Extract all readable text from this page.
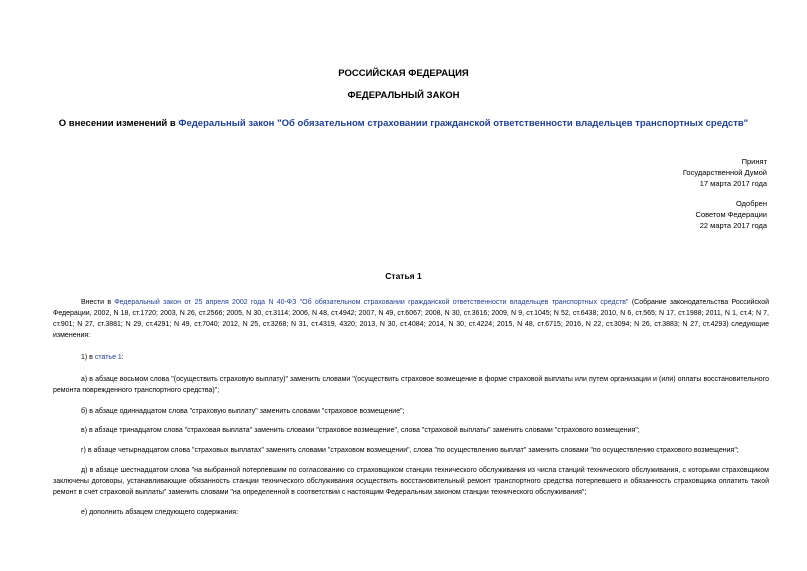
РОССИЙСКАЯ ФЕДЕРАЦИЯ
ФЕДЕРАЛЬНЫЙ ЗАКОН
О внесении изменений в Федеральный закон "Об обязательном страховании гражданской ответственности владельцев транспортных средств"
Принят
Государственной Думой
17 марта 2017 года
Одобрен
Советом Федерации
22 марта 2017 года
Статья 1
Внести в Федеральный закон от 25 апреля 2002 года N 40-ФЗ "Об обязательном страховании гражданской ответственности владельцев транспортных средств" (Собрание законодательства Российской Федерации, 2002, N 18, ст.1720; 2003, N 26, ст.2566; 2005, N 30, ст.3114; 2006, N 48, ст.4942; 2007, N 49, ст.6067; 2008, N 30, ст.3616; 2009, N 9, ст.1045; N 52, ст.6438; 2010, N 6, ст.565; N 17, ст.1988; 2011, N 1, ст.4; N 7, ст.901; N 27, ст.3881; N 29, ст.4291; N 49, ст.7040; 2012, N 25, ст.3268; N 31, ст.4319, 4320; 2013, N 30, ст.4084; 2014, N 30, ст.4224; 2015, N 48, ст.6715; 2016, N 22, ст.3094; N 26, ст.3883; N 27, ст.4293) следующие изменения:
1) в статье 1:
а) в абзаце восьмом слова "(осуществить страховую выплату)" заменить словами "(осуществить страховое возмещение в форме страховой выплаты или путем организации и (или) оплаты восстановительного ремонта поврежденного транспортного средства)";
б) в абзаце одиннадцатом слова "страховую выплату" заменить словами "страховое возмещение";
в) в абзаце тринадцатом слова "страховая выплата" заменить словами "страховое возмещение", слова "страховой выплаты" заменить словами "страхового возмещения";
г) в абзаце четырнадцатом слова "страховых выплатах" заменить словами "страховом возмещении", слова "по осуществлению выплат" заменить словами "по осуществлению страхового возмещения";
д) в абзаце шестнадцатом слова "на выбранной потерпевшим по согласованию со страховщиком станции технического обслуживания из числа станций технического обслуживания, с которыми страховщиком заключены договоры, устанавливающие обязанность станции технического обслуживания осуществить восстановительный ремонт транспортного средства потерпевшего и обязанность страховщика оплатить такой ремонт в счет страховой выплаты" заменить словами "на определенной в соответствии с настоящим Федеральным законом станции технического обслуживания";
е) дополнить абзацем следующего содержания:
